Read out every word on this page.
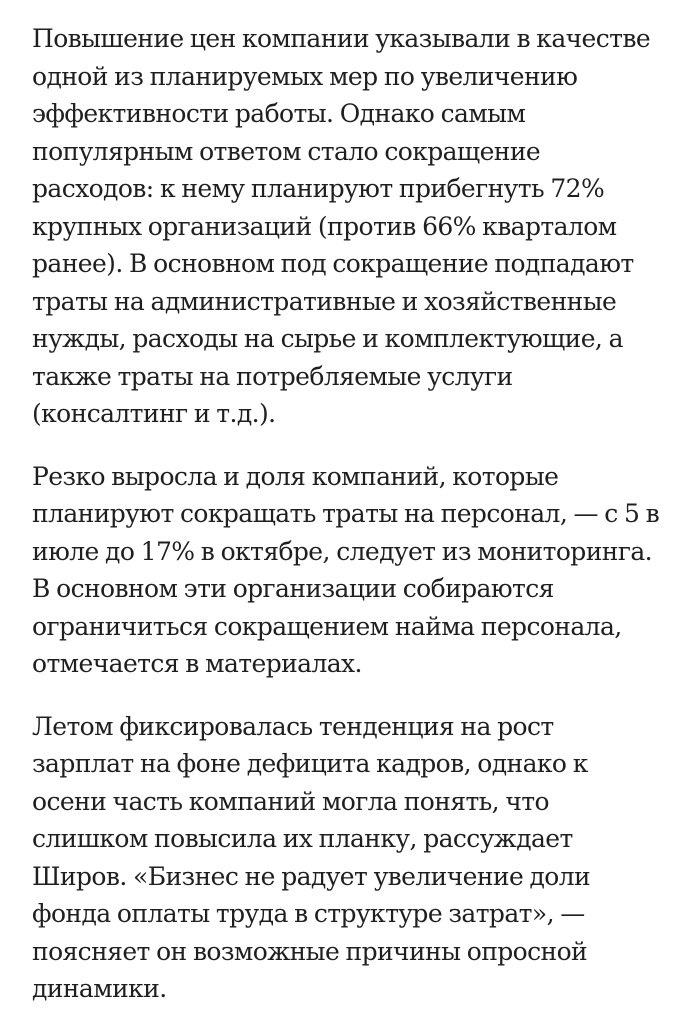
Повышение цен компании указывали в качестве
одной из планируемых мер по увеличению
эффективности работы. Однако самым
популярным ответом стало сокращение
расходов: к нему планируют прибегнуть 72%
крупных организаций (против 66% кварталом
ранее). В основном под сокращение подпадают
траты на административные и хозяйственные
нужды, расходы на сырье и комплектующие, а
также траты на потребляемые услуги
(консалтинг и т.д.).

Резко выросла и доля компаний, которые
планируют сокращать траты на персонал, — с 5 в
июле до 17% в октябре, следует из мониторинга.
В основном эти организации собираются
ограничиться сокращением найма персонала,
отмечается в материалах.

Летом фиксировалась тенденция на рост
зарплат на фоне дефицита кадров, однако к
осени часть компаний могла понять, что
слишком повысила их планку, рассуждает
Широв. «Бизнес не радует увеличение доли
фонда оплаты труда в структуре затрат», —
поясняет он возможные причины опросной
динамики.
